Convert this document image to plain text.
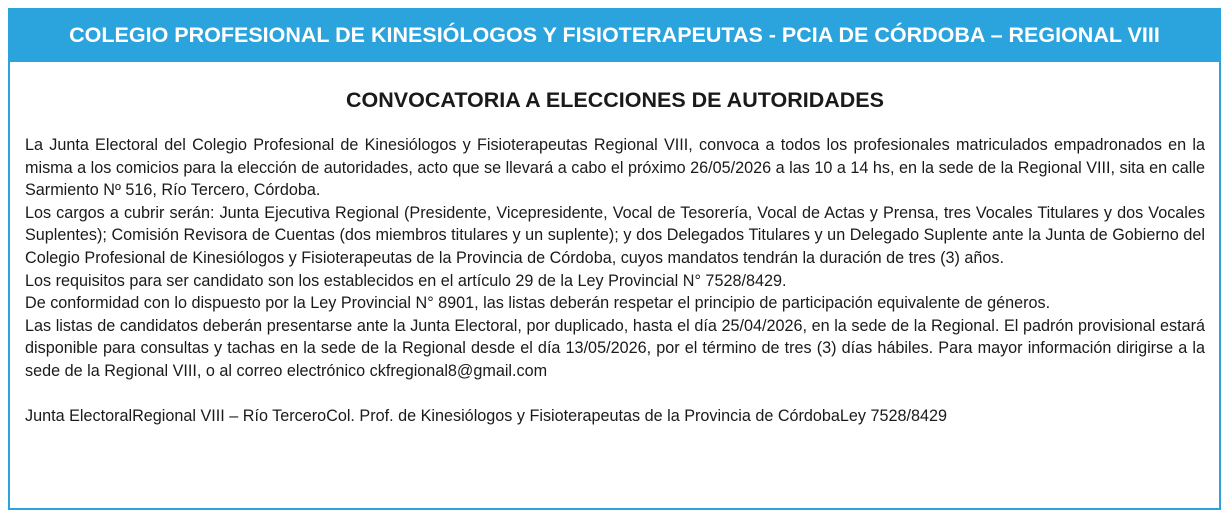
COLEGIO PROFESIONAL DE KINESIÓLOGOS Y FISIOTERAPEUTAS - PCIA DE CÓRDOBA – REGIONAL VIII
CONVOCATORIA A ELECCIONES DE AUTORIDADES

La Junta Electoral del Colegio Profesional de Kinesiólogos y Fisioterapeutas Regional VIII, convoca a todos los profesionales matriculados empadronados en la misma a los comicios para la elección de autoridades, acto que se llevará a cabo el próximo 26/05/2026 a las 10 a 14 hs, en la sede de la Regional VIII, sita en calle Sarmiento Nº 516, Río Tercero, Córdoba.

Los cargos a cubrir serán: Junta Ejecutiva Regional (Presidente, Vicepresidente, Vocal de Tesorería, Vocal de Actas y Prensa, tres Vocales Titulares y dos Vocales Suplentes); Comisión Revisora de Cuentas (dos miembros titulares y un suplente); y dos Delegados Titulares y un Delegado Suplente ante la Junta de Gobierno del Colegio Profesional de Kinesiólogos y Fisioterapeutas de la Provincia de Córdoba, cuyos mandatos tendrán la duración de tres (3) años.

Los requisitos para ser candidato son los establecidos en el artículo 29 de la Ley Provincial N° 7528/8429.

De conformidad con lo dispuesto por la Ley Provincial N° 8901, las listas deberán respetar el principio de participación equivalente de géneros.

Las listas de candidatos deberán presentarse ante la Junta Electoral, por duplicado, hasta el día 25/04/2026, en la sede de la Regional. El padrón provisional estará disponible para consultas y tachas en la sede de la Regional desde el día 13/05/2026, por el término de tres (3) días hábiles. Para mayor información dirigirse a la sede de la Regional VIII, o al correo electrónico ckfregional8@gmail.com

Junta ElectoralRegional VIII – Río TerceroCol. Prof. de Kinesiólogos y Fisioterapeutas de la Provincia de CórdobaLey 7528/8429
